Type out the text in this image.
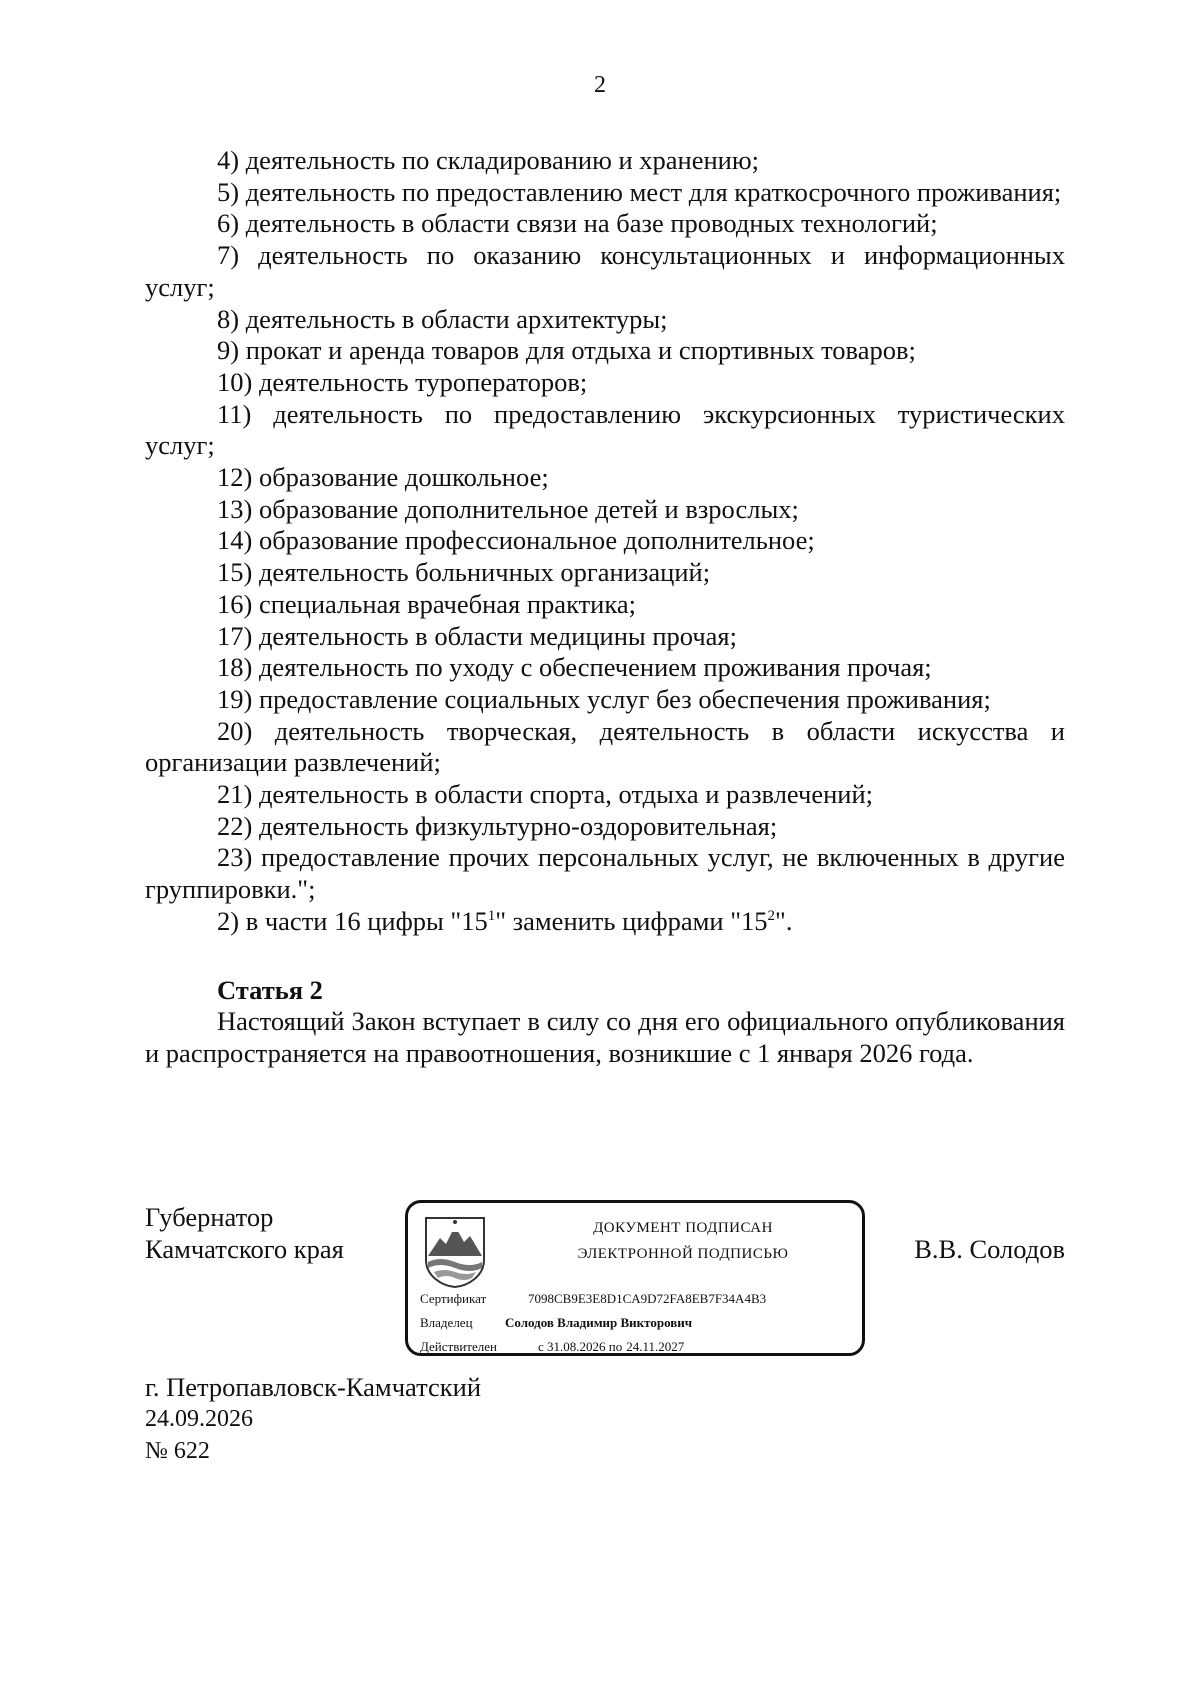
2

4) деятельность по складированию и хранению;

5) деятельность по предоставлению мест для краткосрочного проживания;

6) деятельность в области связи на базе проводных технологий;

7) деятельность по оказанию консультационных и информационных услуг;

8) деятельность в области архитектуры;

9) прокат и аренда товаров для отдыха и спортивных товаров;

10) деятельность туроператоров;

11) деятельность по предоставлению экскурсионных туристических услуг;

12) образование дошкольное;

13) образование дополнительное детей и взрослых;

14) образование профессиональное дополнительное;

15) деятельность больничных организаций;

16) специальная врачебная практика;

17) деятельность в области медицины прочая;

18) деятельность по уходу с обеспечением проживания прочая;

19) предоставление социальных услуг без обеспечения проживания;

20) деятельность творческая, деятельность в области искусства и организации развлечений;

21) деятельность в области спорта, отдыха и развлечений;

22) деятельность физкультурно-оздоровительная;

23) предоставление прочих персональных услуг, не включенных в другие группировки.";

2) в части 16 цифры "$15^1$" заменить цифрами "$15^2$".

Статья 2

Настоящий Закон вступает в силу со дня его официального опубликования и распространяется на правоотношения, возникшие с 1 января 2026 года.

Губернатор
Камчатского края
ДОКУМЕНТ ПОДПИСАН
ЭЛЕКТРОННОЙ ПОДПИСЬЮ
Сертификат	7098CB9E3E8D1CA9D72FA8EB7F34A4B3
Владелец Солодов Владимир Викторович
Действителен	с 31.08.2026 по 24.11.2027
В.В. Солодов
г. Петропавловск-Камчатский
24.09.2026
№ 622
